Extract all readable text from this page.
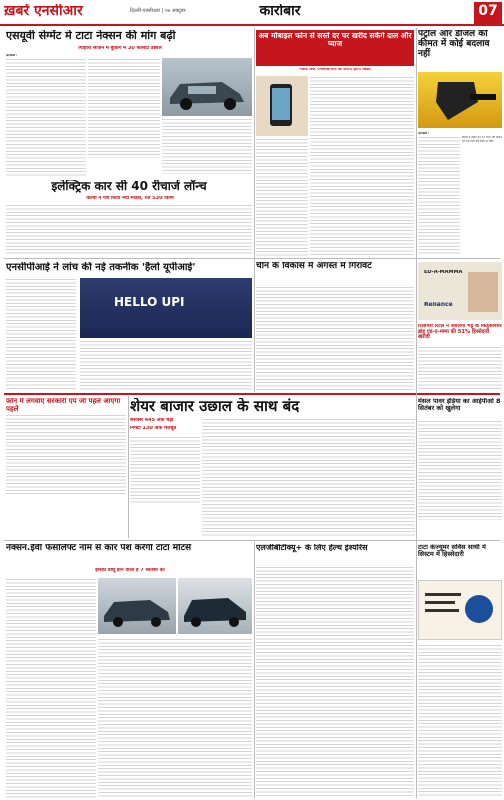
ख़बरें एनसीआर	दिल्ली-एनसीआर | ०७ अक्टूबर	कारोबार	07
एसयूवी सेग्मेंट मे टाटा नेक्सन की मांग बढ़ी
त्योहारी सीजन में बुकिंग में 30 फीसदी उछाल
नई दिल्ली ।
इलेक्ट्रिक कार सी 40 रीचार्ज लॉन्च
वोल्वो ने पेश किया नया मॉडल, रेंज 530 किमी
अब मोबाइल फोन से सस्ते दर पर खरीद सकेंगे दाल और प्याज
नेफेड और एनसीसीएफ के जरिए होगी बिक्री
पेट्रोल और डीजल की कीमत में कोई बदलाव नहीं
नई दिल्ली ।
दिल्ली में पेट्रोल 94.72 रुपये और डीजल 87.62 रुपये प्रति लीटर पर स्थिर
एनसीपीआई ने लांच की नई तकनीक 'हैलो यूपीआई'
HELLO UPI
चीन के विकास में अगस्त में गिरावट
ED-A-MAMMA
Reliance
रिलायंस रिटेल ने आलिया भट्ट के किड्सवियर ब्रांड एड-ए-मम्मा की 51% हिस्सेदारी खरीदी
फ़ोन में लगवाएं सरकारी एप जो पहले आएगा पहले	शेयर बाजार उछाल के साथ बंद
सेंसेक्स 445 अंक चढ़ा
निफ्टी 130 अंक मजबूत
मेसल पावर इंडिया का आईपीओ 8 सितंबर को खुलेगा
नेक्सन.ईवी फेसलिफ्ट नाम से कार पेश करेगी टाटा मोटर्स
इसका डेब्यू होने वाला है 7 सितंबर को
एलजीबीटीक्यू+ के लिए हेल्थ इंश्योरेंस	टाटा कंज्यूमर सर्विस साथी में सिस्टम में हिस्सेदारी
